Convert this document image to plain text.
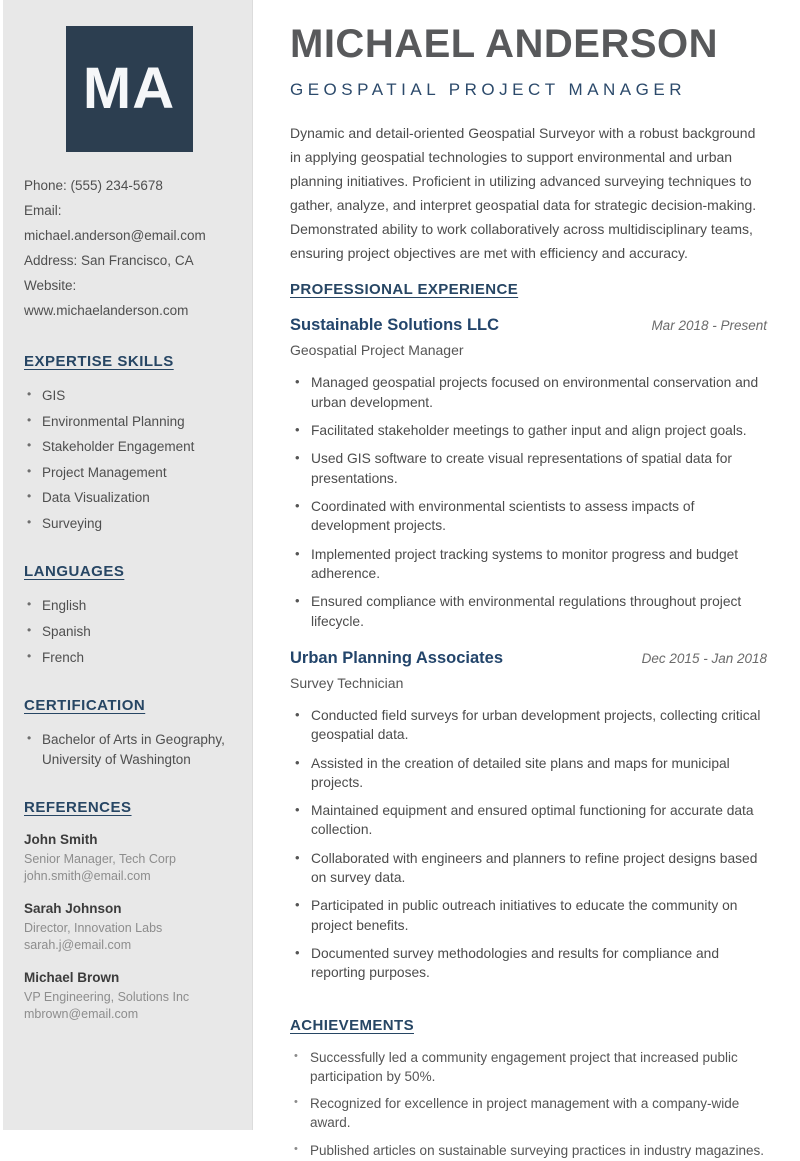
MA
Phone: (555) 234-5678
Email: michael.anderson@email.com
Address: San Francisco, CA
Website: www.michaelanderson.com
EXPERTISE SKILLS
• GIS
• Environmental Planning
• Stakeholder Engagement
• Project Management
• Data Visualization
• Surveying
LANGUAGES
• English
• Spanish
• French
CERTIFICATION
• Bachelor of Arts in Geography, University of Washington
REFERENCES
John Smith
Senior Manager, Tech Corp
john.smith@email.com
Sarah Johnson
Director, Innovation Labs
sarah.j@email.com
Michael Brown
VP Engineering, Solutions Inc
mbrown@email.com
MICHAEL ANDERSON
GEOSPATIAL PROJECT MANAGER

Dynamic and detail-oriented Geospatial Surveyor with a robust background in applying geospatial technologies to support environmental and urban planning initiatives. Proficient in utilizing advanced surveying techniques to gather, analyze, and interpret geospatial data for strategic decision-making. Demonstrated ability to work collaboratively across multidisciplinary teams, ensuring project objectives are met with efficiency and accuracy.

PROFESSIONAL EXPERIENCE
Sustainable Solutions LLC	Mar 2018 - Present
Geospatial Project Manager
• Managed geospatial projects focused on environmental conservation and urban development.
• Facilitated stakeholder meetings to gather input and align project goals.
• Used GIS software to create visual representations of spatial data for presentations.
• Coordinated with environmental scientists to assess impacts of development projects.
• Implemented project tracking systems to monitor progress and budget adherence.
• Ensured compliance with environmental regulations throughout project lifecycle.
Urban Planning Associates	Dec 2015 - Jan 2018
Survey Technician
• Conducted field surveys for urban development projects, collecting critical geospatial data.
• Assisted in the creation of detailed site plans and maps for municipal projects.
• Maintained equipment and ensured optimal functioning for accurate data collection.
• Collaborated with engineers and planners to refine project designs based on survey data.
• Participated in public outreach initiatives to educate the community on project benefits.
• Documented survey methodologies and results for compliance and reporting purposes.
ACHIEVEMENTS
• Successfully led a community engagement project that increased public participation by 50%.
• Recognized for excellence in project management with a company-wide award.
• Published articles on sustainable surveying practices in industry magazines.
